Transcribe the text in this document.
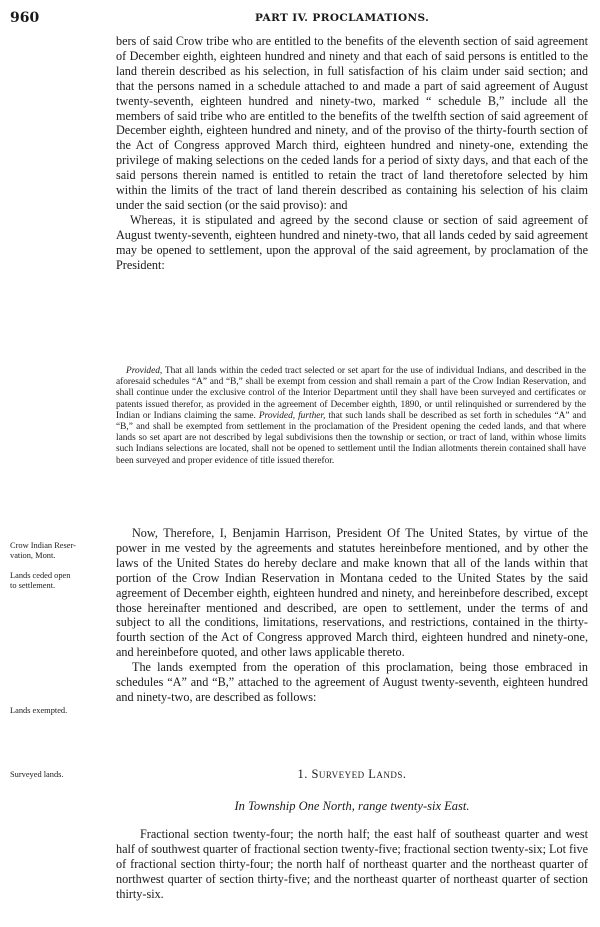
960	PART IV. PROCLAMATIONS.

bers of said Crow tribe who are entitled to the benefits of the eleventh section of said agreement of December eighth, eighteen hundred and ninety and that each of said persons is entitled to the land therein described as his selection, in full satisfaction of his claim under said section; and that the persons named in a schedule attached to and made a part of said agreement of August twenty-seventh, eighteen hundred and ninety-two, marked “ schedule B,” include all the members of said tribe who are entitled to the benefits of the twelfth section of said agreement of December eighth, eighteen hundred and ninety, and of the proviso of the thirty-fourth section of the Act of Congress approved March third, eighteen hundred and ninety-one, extending the privilege of making selections on the ceded lands for a period of sixty days, and that each of the said persons therein named is entitled to retain the tract of land theretofore selected by him within the limits of the tract of land therein described as containing his selection of his claim under the said section (or the said proviso): and

Whereas, it is stipulated and agreed by the second clause or section of said agreement of August twenty-seventh, eighteen hundred and ninety-two, that all lands ceded by said agreement may be opened to settlement, upon the approval of the said agreement, by proclamation of the President:

Provided, That all lands within the ceded tract selected or set apart for the use of individual Indians, and described in the aforesaid schedules “A” and “B,” shall be exempt from cession and shall remain a part of the Crow Indian Reservation, and shall continue under the exclusive control of the Interior Department until they shall have been surveyed and certificates or patents issued therefor, as provided in the agreement of December eighth, 1890, or until relinquished or surrendered by the Indian or Indians claiming the same. Provided, further, that such lands shall be described as set forth in schedules “A” and “B,” and shall be exempted from settlement in the proclamation of the President opening the ceded lands, and that where lands so set apart are not described by legal subdivisions then the township or section, or tract of land, within whose limits such Indians selections are located, shall not be opened to settlement until the Indian allotments therein contained shall have been surveyed and proper evidence of title issued therefor.

Crow Indian Reser-
vation, Mont.
Lands ceded open
to settlement.
Lands exempted.
Surveyed lands.

Now, Therefore, I, Benjamin Harrison, President Of The United States, by virtue of the power in me vested by the agreements and statutes hereinbefore mentioned, and by other the laws of the United States do hereby declare and make known that all of the lands within that portion of the Crow Indian Reservation in Montana ceded to the United States by the said agreement of December eighth, eighteen hundred and ninety, and hereinbefore described, except those hereinafter mentioned and described, are open to settlement, under the terms of and subject to all the conditions, limitations, reservations, and restrictions, contained in the thirty-fourth section of the Act of Congress approved March third, eighteen hundred and ninety-one, and hereinbefore quoted, and other laws applicable thereto.

The lands exempted from the operation of this proclamation, being those embraced in schedules “A” and “B,” attached to the agreement of August twenty-seventh, eighteen hundred and ninety-two, are described as follows:

1. Surveyed Lands.
In Township One North, range twenty-six East.

Fractional section twenty-four; the north half; the east half of southeast quarter and west half of southwest quarter of fractional section twenty-five; fractional section twenty-six; Lot five of fractional section thirty-four; the north half of northeast quarter and the northeast quarter of northwest quarter of section thirty-five; and the northeast quarter of northeast quarter of section thirty-six.
